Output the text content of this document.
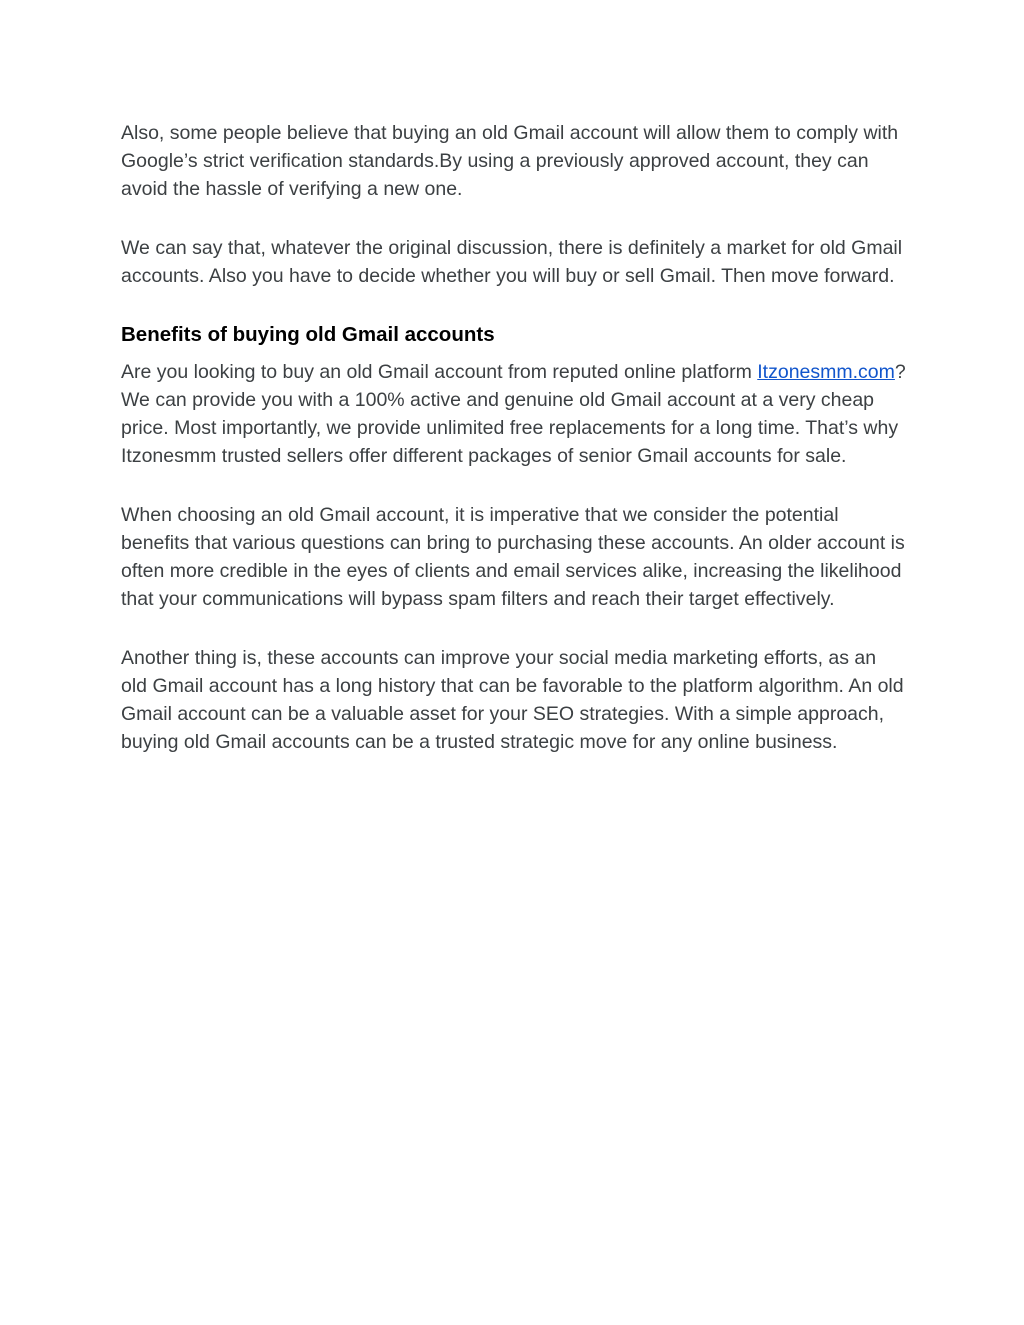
Also, some people believe that buying an old Gmail account will allow them to comply with Google’s strict verification standards.By using a previously approved account, they can avoid the hassle of verifying a new one.

We can say that, whatever the original discussion, there is definitely a market for old Gmail accounts. Also you have to decide whether you will buy or sell Gmail. Then move forward.

Benefits of buying old Gmail accounts

Are you looking to buy an old Gmail account from reputed online platform Itzonesmm.com? We can provide you with a 100% active and genuine old Gmail account at a very cheap price. Most importantly, we provide unlimited free replacements for a long time. That’s why Itzonesmm trusted sellers offer different packages of senior Gmail accounts for sale.

When choosing an old Gmail account, it is imperative that we consider the potential benefits that various questions can bring to purchasing these accounts. An older account is often more credible in the eyes of clients and email services alike, increasing the likelihood that your communications will bypass spam filters and reach their target effectively.

Another thing is, these accounts can improve your social media marketing efforts, as an old Gmail account has a long history that can be favorable to the platform algorithm. An old Gmail account can be a valuable asset for your SEO strategies. With a simple approach, buying old Gmail accounts can be a trusted strategic move for any online business.
